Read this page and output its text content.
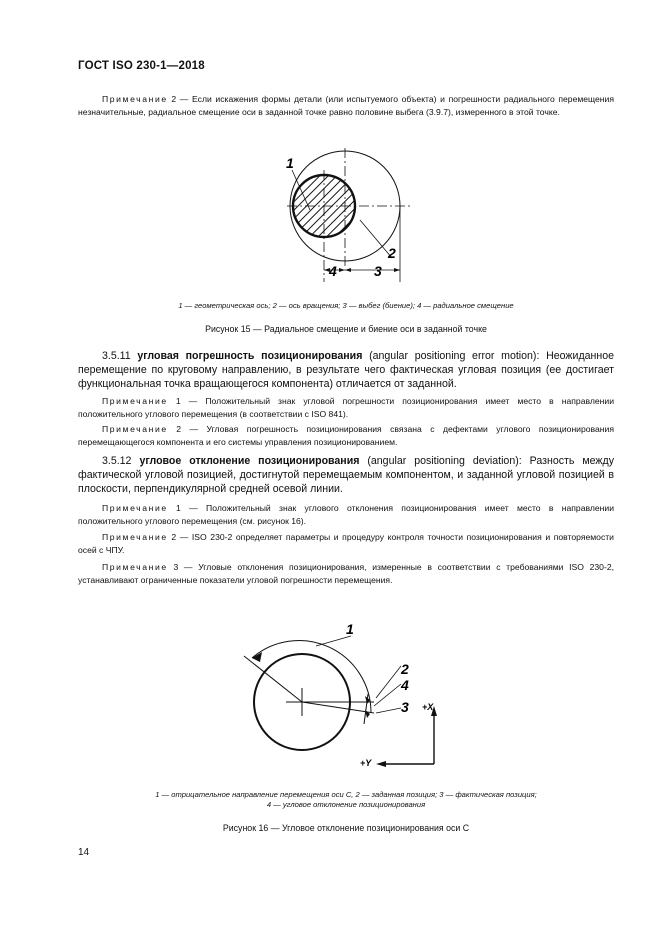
ГОСТ ISO 230-1—2018
Примечание 2 — Если искажения формы детали (или испытуемого объекта) и погрешности радиального перемещения незначительные, радиальное смещение оси в заданной точке равно половине выбега (3.9.7), измеренного в этой точке.
1
2
4	3
1 — геометрическая ось; 2 — ось вращения; 3 — выбег (биение); 4 — радиальное смещение
Рисунок 15 — Радиальное смещение и биение оси в заданной точке
3.5.11 угловая погрешность позиционирования (angular positioning error motion): Неожиданное перемещение по круговому направлению, в результате чего фактическая угловая позиция (ее достигает функциональная точка вращающегося компонента) отличается от заданной.
Примечание 1 — Положительный знак угловой погрешности позиционирования имеет место в направлении положительного углового перемещения (в соответствии с ISO 841).
Примечание 2 — Угловая погрешность позиционирования связана с дефектами углового позиционирования перемещающегося компонента и его системы управления позиционированием.
3.5.12 угловое отклонение позиционирования (angular positioning deviation): Разность между фактической угловой позицией, достигнутой перемещаемым компонентом, и заданной угловой позицией в плоскости, перпендикулярной средней осевой линии.
Примечание 1 — Положительный знак углового отклонения позиционирования имеет место в направлении положительного углового перемещения (см. рисунок 16).
Примечание 2 — ISO 230-2 определяет параметры и процедуру контроля точности позиционирования и повторяемости осей с ЧПУ.
Примечание 3 — Угловые отклонения позиционирования, измеренные в соответствии с требованиями ISO 230-2, устанавливают ограниченные показатели угловой погрешности перемещения.
1
2
4
3 +X
+Y
1 — отрицательное направление перемещения оси C, 2 — заданная позиция; 3 — фактическая позиция;
4 — угловое отклонение позиционирования
Рисунок 16 — Угловое отклонение позиционирования оси C
14
